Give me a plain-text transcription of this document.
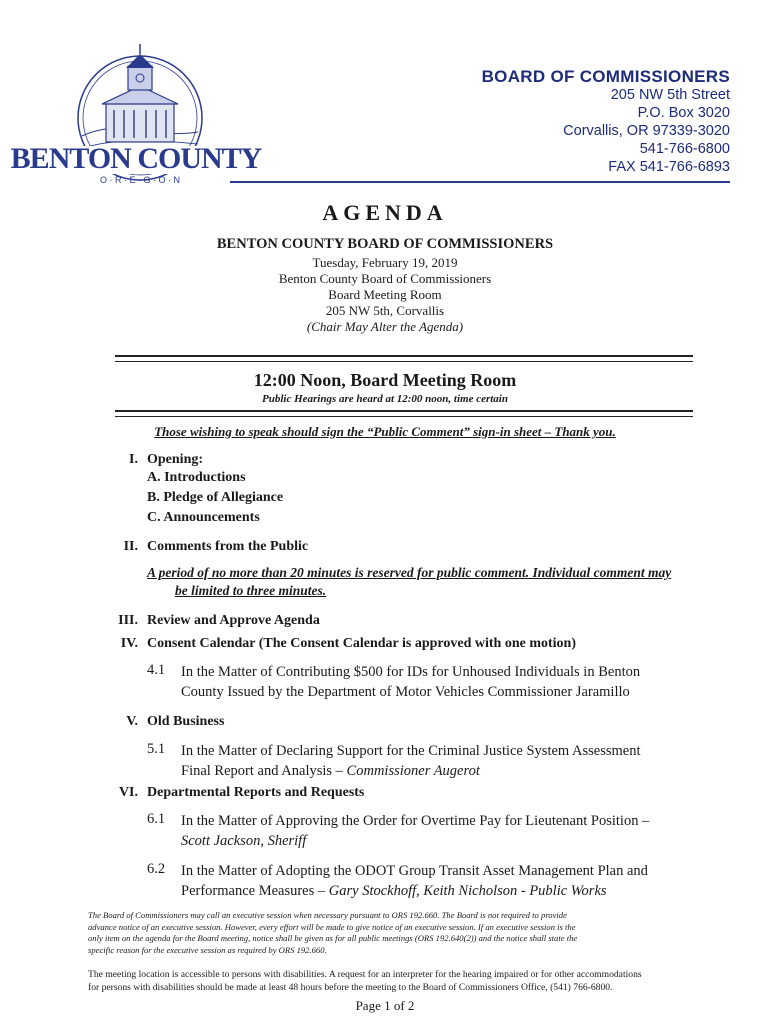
BENTON COUNTY
O · R · E · G · O · N
BOARD OF COMMISSIONERS
205 NW 5th Street
P.O. Box 3020
Corvallis, OR 97339-3020
541-766-6800
FAX 541-766-6893
AGENDA
BENTON COUNTY BOARD OF COMMISSIONERS
Tuesday, February 19, 2019
Benton County Board of Commissioners
Board Meeting Room
205 NW 5th, Corvallis
(Chair May Alter the Agenda)
12:00 Noon, Board Meeting Room
Public Hearings are heard at 12:00 noon, time certain
Those wishing to speak should sign the “Public Comment” sign-in sheet – Thank you.
I. Opening:
A. Introductions
B. Pledge of Allegiance
C. Announcements
II. Comments from the Public
A period of no more than 20 minutes is reserved for public comment. Individual comment may
be limited to three minutes.
III. Review and Approve Agenda
IV. Consent Calendar (The Consent Calendar is approved with one motion)
4.1 In the Matter of Contributing $500 for IDs for Unhoused Individuals in Benton
County Issued by the Department of Motor Vehicles Commissioner Jaramillo
V. Old Business
5.1 In the Matter of Declaring Support for the Criminal Justice System Assessment
Final Report and Analysis – Commissioner Augerot
VI. Departmental Reports and Requests
6.1 In the Matter of Approving the Order for Overtime Pay for Lieutenant Position –
Scott Jackson, Sheriff
6.2 In the Matter of Adopting the ODOT Group Transit Asset Management Plan and
Performance Measures – Gary Stockhoff, Keith Nicholson - Public Works
The Board of Commissioners may call an executive session when necessary pursuant to ORS 192.660. The Board is not required to provide
advance notice of an executive session. However, every effort will be made to give notice of an executive session. If an executive session is the
only item on the agenda for the Board meeting, notice shall be given as for all public meetings (ORS 192.640(2)) and the notice shall state the
specific reason for the executive session as required by ORS 192.660.
The meeting location is accessible to persons with disabilities. A request for an interpreter for the hearing impaired or for other accommodations
for persons with disabilities should be made at least 48 hours before the meeting to the Board of Commissioners Office, (541) 766-6800.
Page 1 of 2
